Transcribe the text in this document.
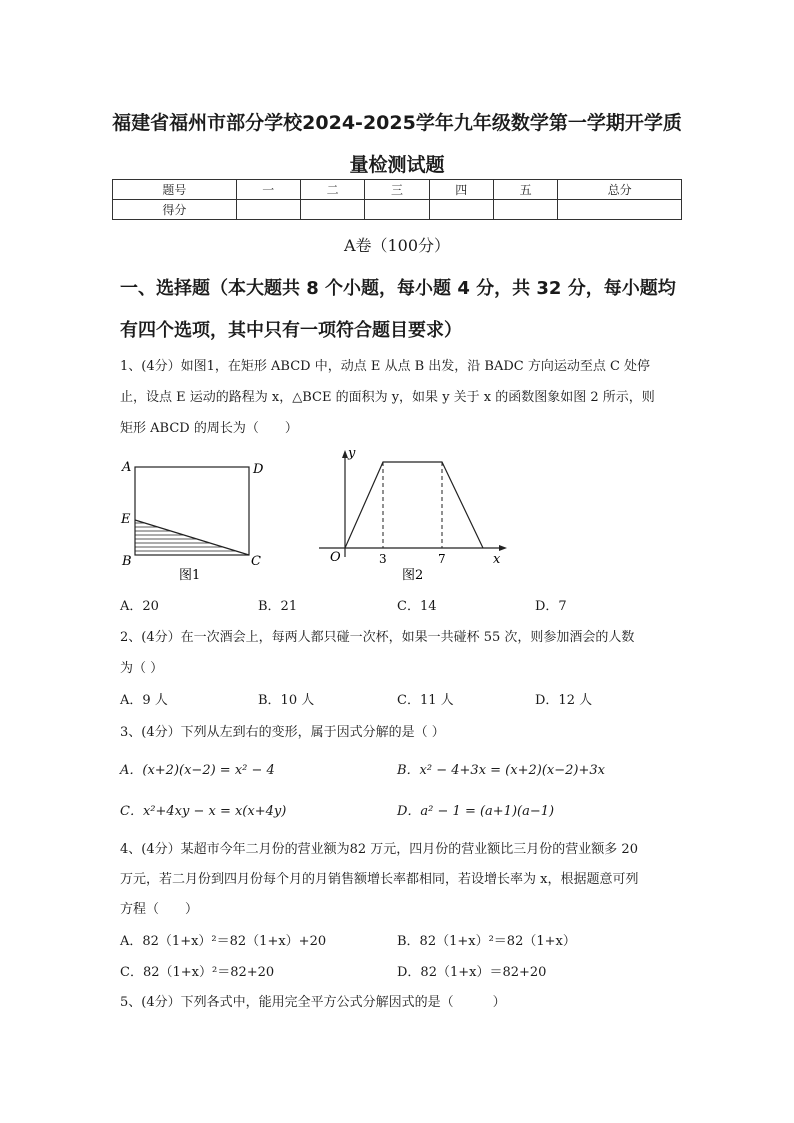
福建省福州市部分学校2024-2025学年九年级数学第一学期开学质
量检测试题
题号	一	二	三	四	五	总分
得分						
A卷（100分）
一、选择题（本大题共 8 个小题，每小题 4 分，共 32 分，每小题均
有四个选项，其中只有一项符合题目要求）
1、(4分）如图1，在矩形 ABCD 中，动点 E 从点 B 出发，沿 BADC 方向运动至点 C 处停
止，设点 E 运动的路程为 x，△BCE 的面积为 y，如果 y 关于 x 的函数图象如图 2 所示，则
矩形 ABCD 的周长为（　　）
A	D
E
B	C
图1
y
x
O	3	7
图2
A．20	B．21	C．14	D．7
2、(4分）在一次酒会上，每两人都只碰一次杯，如果一共碰杯 55 次，则参加酒会的人数
为（ ）
A．9 人	B．10 人	C．11 人	D．12 人
3、(4分）下列从左到右的变形，属于因式分解的是（ ）
A．(x+2)(x−2) = x² − 4	B．x² − 4+3x = (x+2)(x−2)+3x
C．x²+4xy − x = x(x+4y)	D．a² − 1 = (a+1)(a−1)
4、(4分）某超市今年二月份的营业额为82 万元，四月份的营业额比三月份的营业额多 20
万元，若二月份到四月份每个月的月销售额增长率都相同，若设增长率为 x，根据题意可列
方程（　　）
A．82（1+x）²＝82（1+x）+20	B．82（1+x）²＝82（1+x）
C．82（1+x）²＝82+20	D．82（1+x）＝82+20
5、(4分）下列各式中，能用完全平方公式分解因式的是（　　　）
